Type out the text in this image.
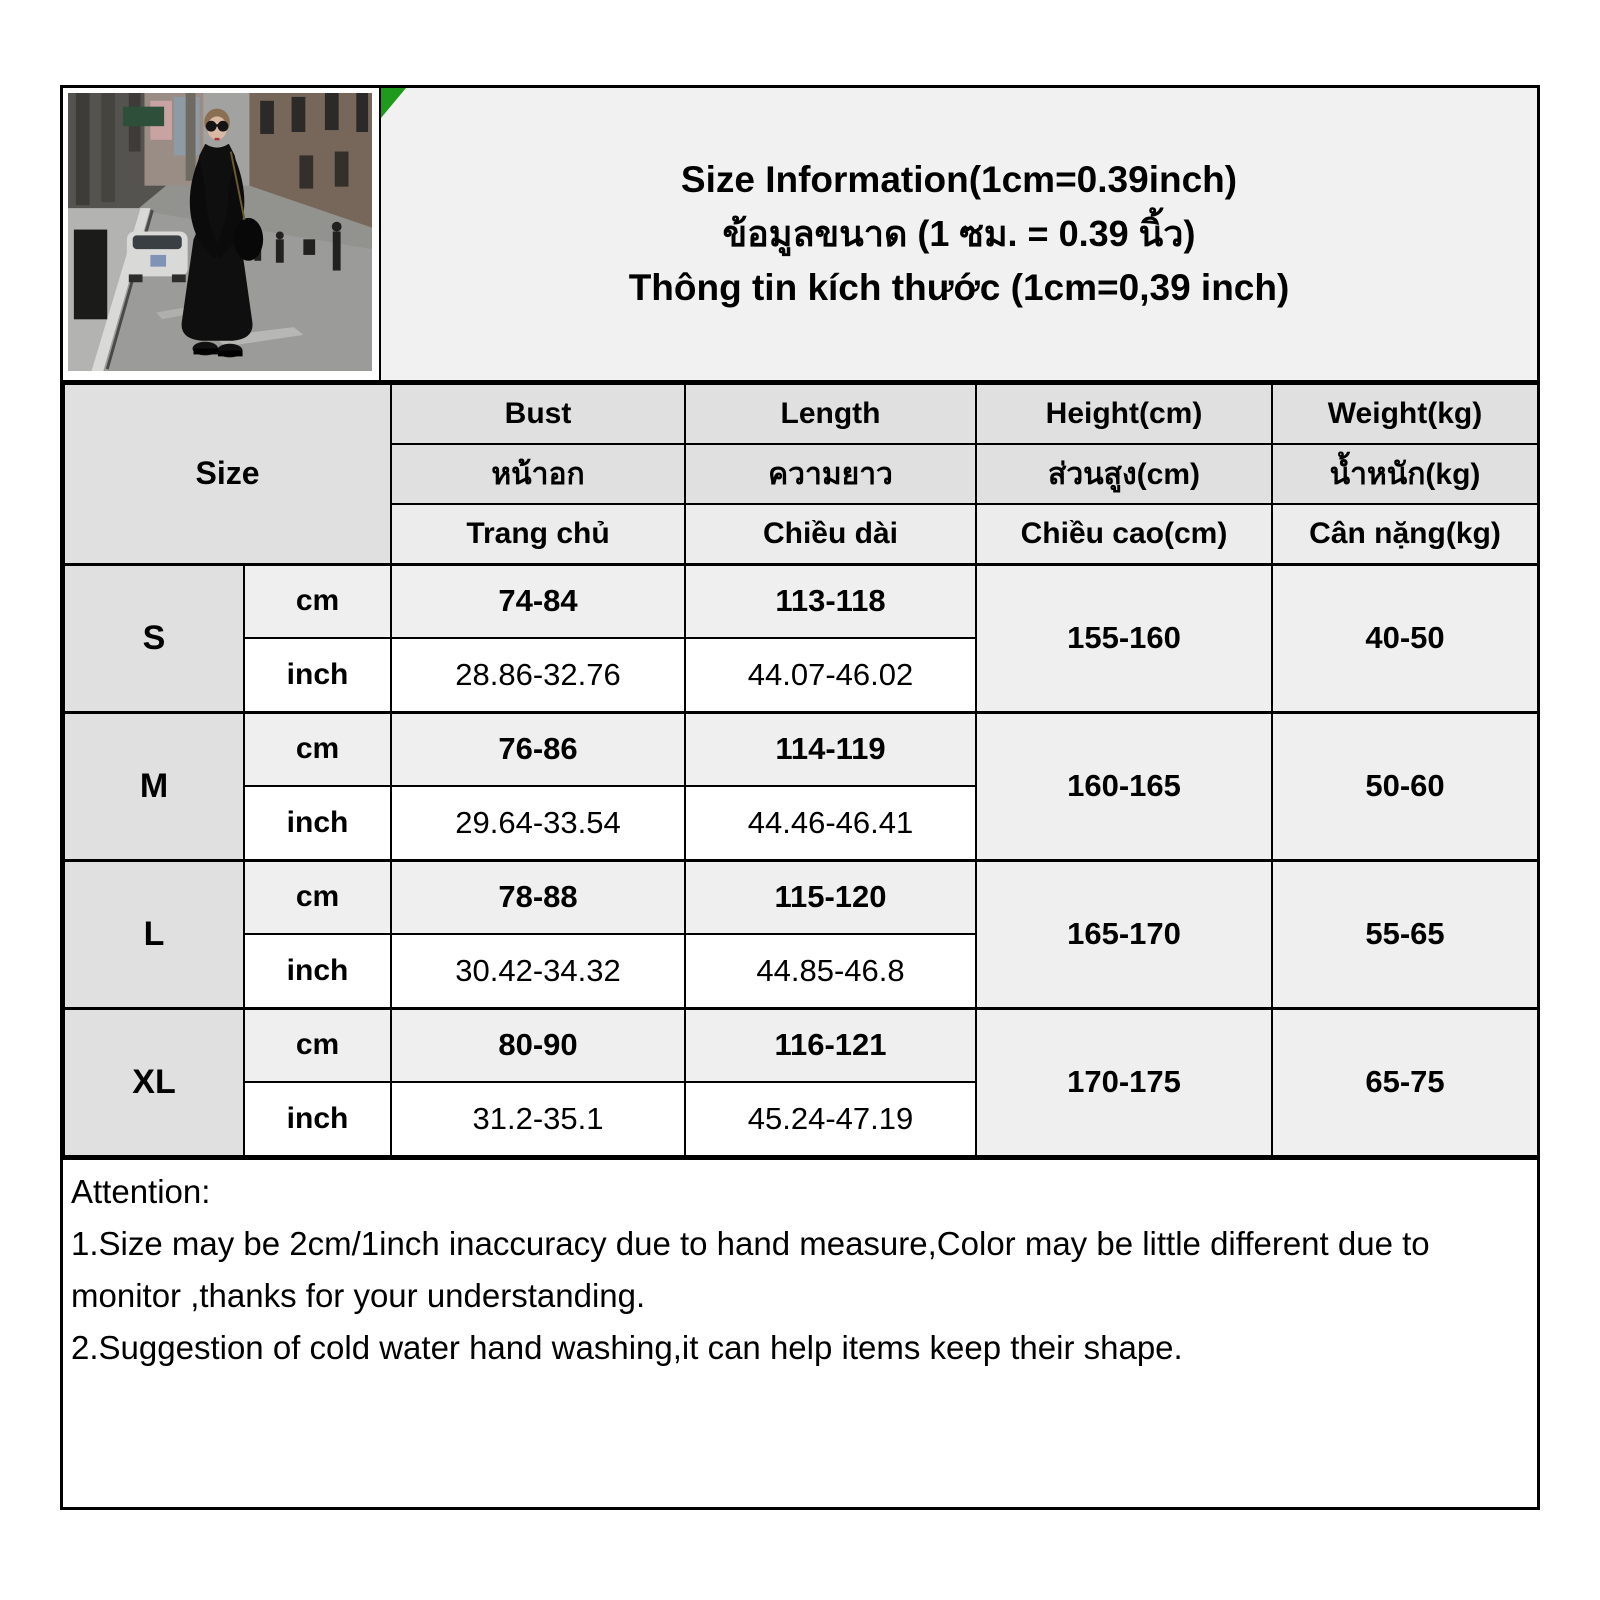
Size Information(1cm=0.39inch)
ข้อมูลขนาด (1 ซม. = 0.39 นิ้ว)
Thông tin kích thước (1cm=0,39 inch)
Size		Bust	Length	Height(cm)	Weight(kg)
		หน้าอก	ความยาว	ส่วนสูง(cm)	น้ำหนัก(kg)
		Trang chủ	Chiều dài	Chiều cao(cm)	Cân nặng(kg)
S	cm	74-84	113-118	155-160	40-50
	inch	28.86-32.76	44.07-46.02		
M	cm	76-86	114-119	160-165	50-60
	inch	29.64-33.54	44.46-46.41		
L	cm	78-88	115-120	165-170	55-65
	inch	30.42-34.32	44.85-46.8		
XL	cm	80-90	116-121	170-175	65-75
	inch	31.2-35.1	45.24-47.19		
Attention:
1.Size may be 2cm/1inch inaccuracy due to hand measure,Color may be little different due to monitor ,thanks for your understanding.
2.Suggestion of cold water hand washing,it can help items keep their shape.
